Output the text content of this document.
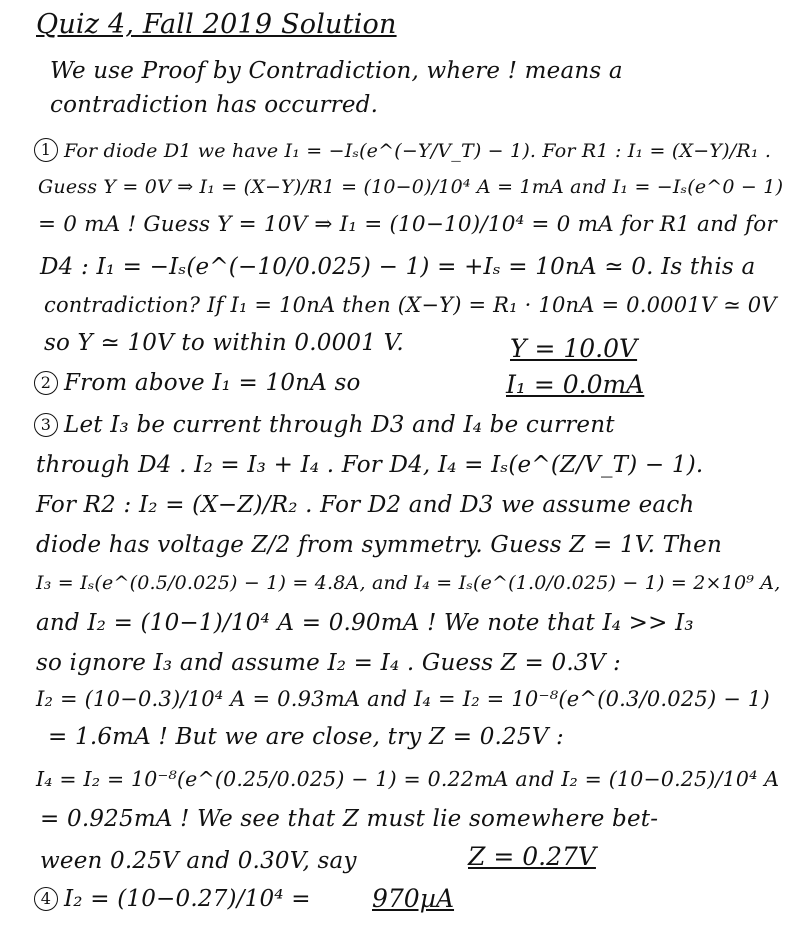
Quiz 4, Fall 2019 Solution
We use Proof by Contradiction, where ! means a
contradiction has occurred.
1 For diode D1 we have I₁ = −Iₛ(e^(−Y/V_T) − 1). For R1 : I₁ = (X−Y)/R₁ .
Guess Y = 0V ⇒ I₁ = (X−Y)/R1 = (10−0)/10⁴ A = 1mA and I₁ = −Iₛ(e^0 − 1)
= 0 mA ! Guess Y = 10V ⇒ I₁ = (10−10)/10⁴ = 0 mA for R1 and for
D4 : I₁ = −Iₛ(e^(−10/0.025) − 1) = +Iₛ = 10nA ≃ 0. Is this a
contradiction? If I₁ = 10nA then (X−Y) = R₁ · 10nA = 0.0001V ≃ 0V
so Y ≃ 10V to within 0.0001 V.	Y = 10.0V
2 From above I₁ = 10nA so	I₁ = 0.0mA
3 Let I₃ be current through D3 and I₄ be current
through D4 . I₂ = I₃ + I₄ . For D4, I₄ = Iₛ(e^(Z/V_T) − 1).
For R2 : I₂ = (X−Z)/R₂ . For D2 and D3 we assume each
diode has voltage Z/2 from symmetry. Guess Z = 1V. Then
I₃ = Iₛ(e^(0.5/0.025) − 1) = 4.8A, and I₄ = Iₛ(e^(1.0/0.025) − 1) = 2×10⁹ A,
and I₂ = (10−1)/10⁴ A = 0.90mA ! We note that I₄ >> I₃
so ignore I₃ and assume I₂ = I₄ . Guess Z = 0.3V :
I₂ = (10−0.3)/10⁴ A = 0.93mA and I₄ = I₂ = 10⁻⁸(e^(0.3/0.025) − 1)
= 1.6mA ! But we are close, try Z = 0.25V :
I₄ = I₂ = 10⁻⁸(e^(0.25/0.025) − 1) = 0.22mA and I₂ = (10−0.25)/10⁴ A
= 0.925mA ! We see that Z must lie somewhere bet-
ween 0.25V and 0.30V, say	Z = 0.27V
4 I₂ = (10−0.27)/10⁴ = 970µA
